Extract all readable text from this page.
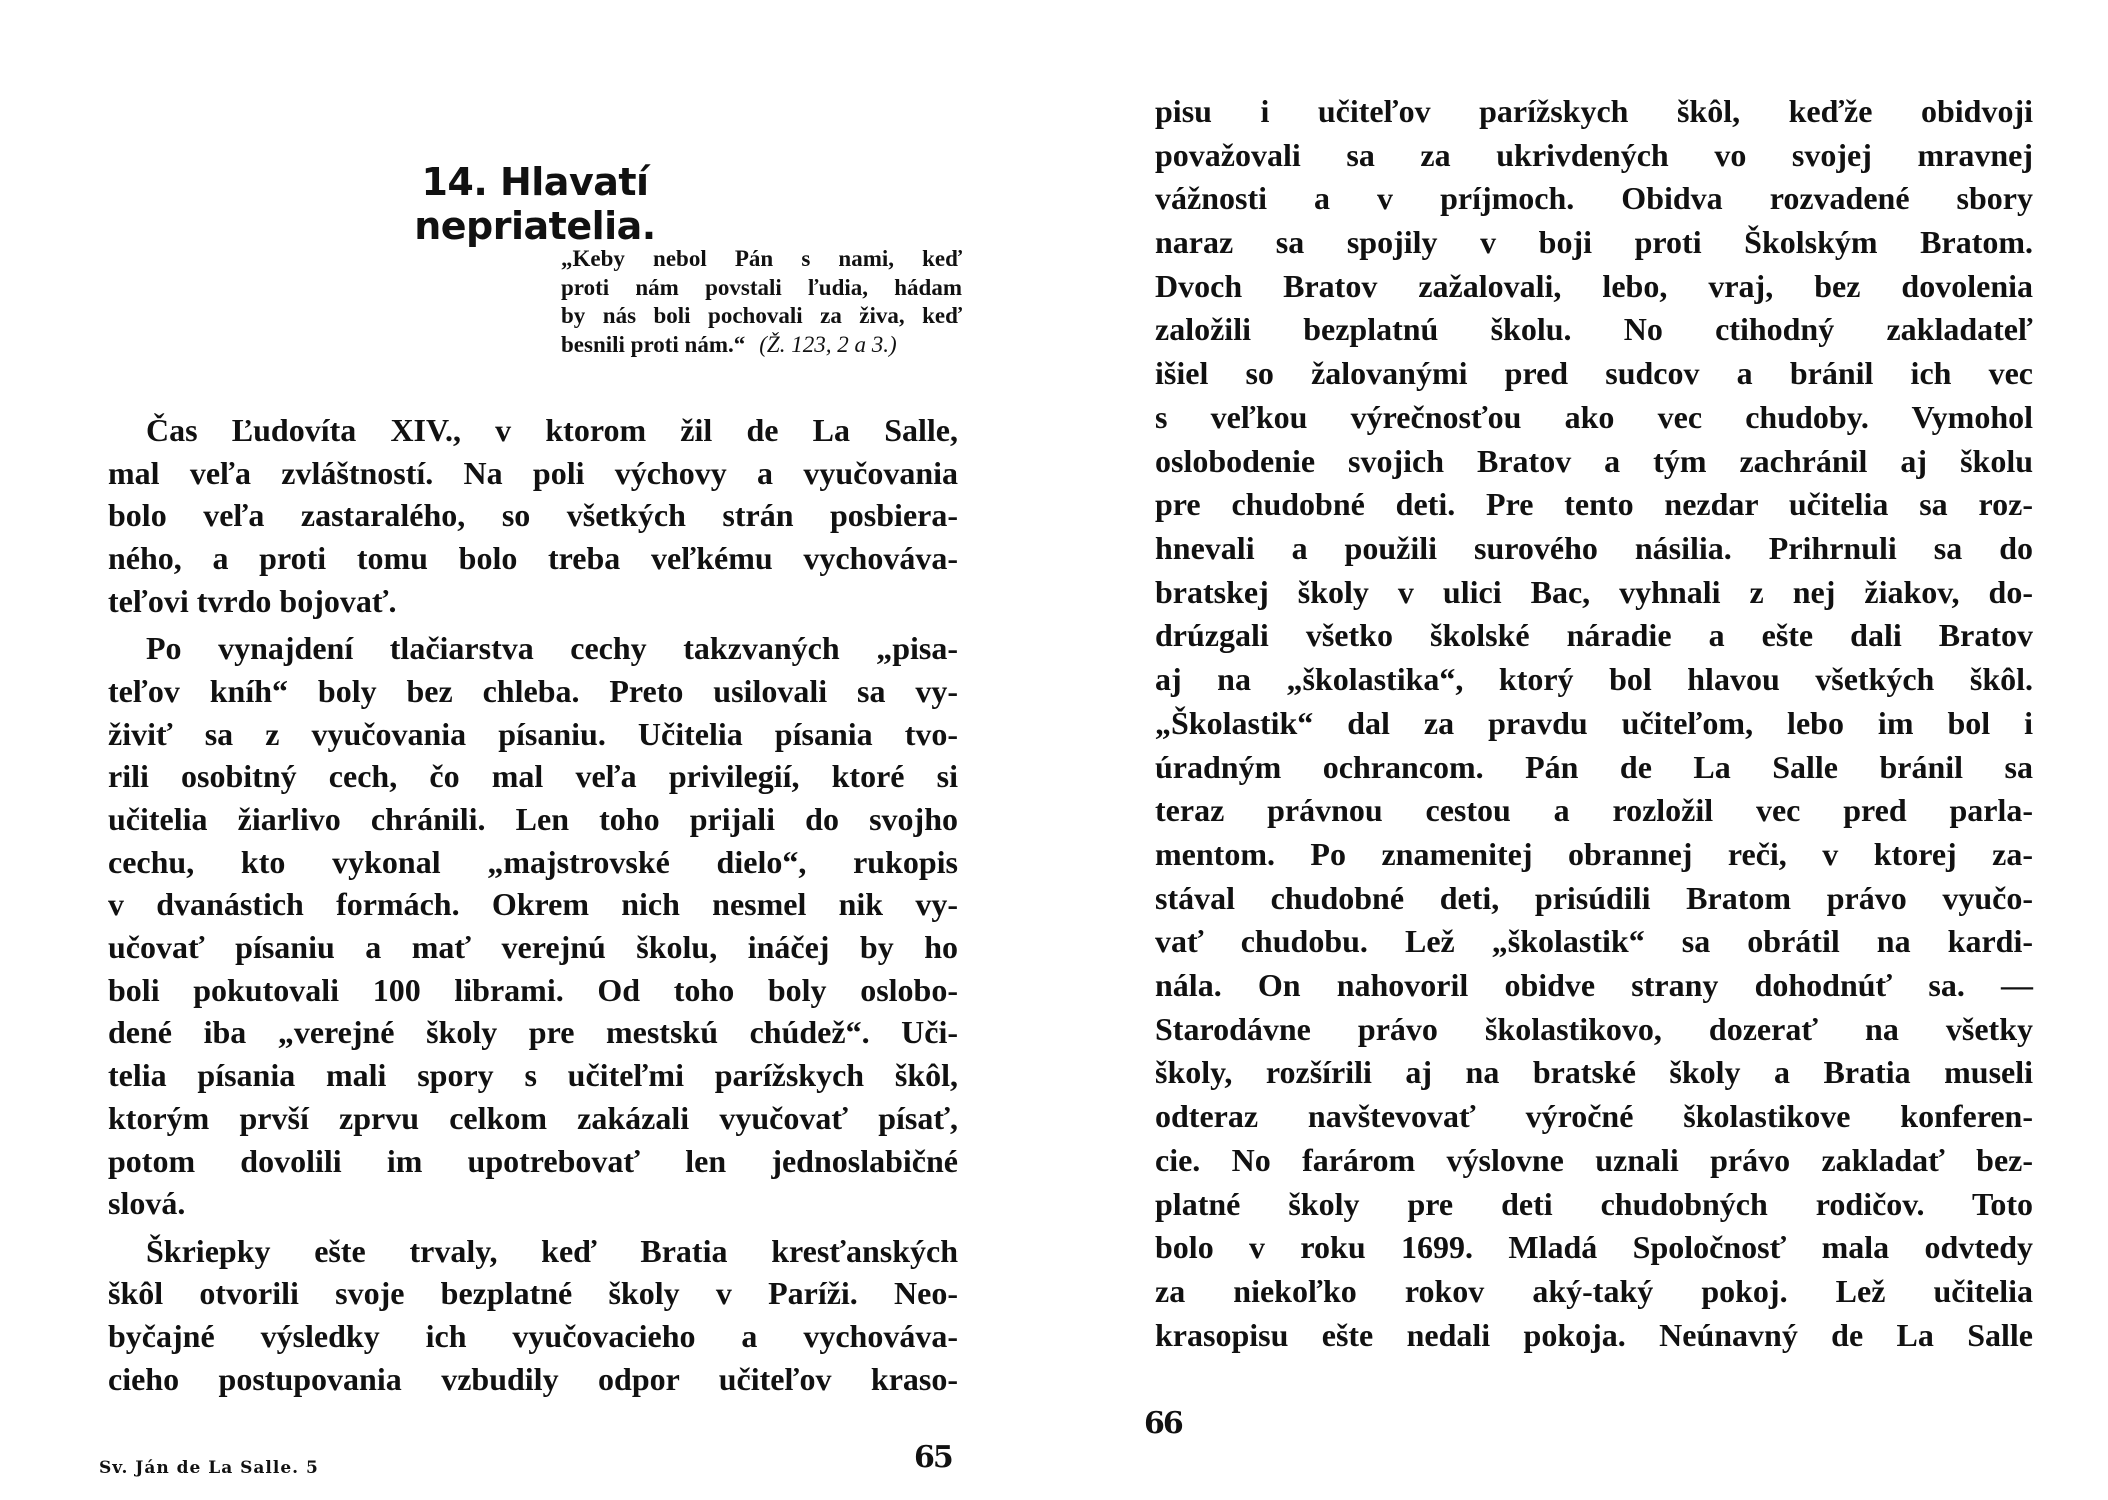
14. Hlavatí nepriatelia.
„Keby nebol Pán s nami, keď
proti nám povstali ľudia, hádam
by nás boli pochovali za živa, keď
besnili proti nám.“ (Ž. 123, 2 a 3.)
Čas Ľudovíta XIV., v ktorom žil de La Salle,
mal veľa zvláštností. Na poli výchovy a vyučovania
bolo veľa zastaralého, so všetkých strán posbiera-
ného, a proti tomu bolo treba veľkému vychováva-
teľovi tvrdo bojovať.
Po vynajdení tlačiarstva cechy takzvaných „pisa-
teľov kníh“ boly bez chleba. Preto usilovali sa vy-
živiť sa z vyučovania písaniu. Učitelia písania tvo-
rili osobitný cech, čo mal veľa privilegií, ktoré si
učitelia žiarlivo chránili. Len toho prijali do svojho
cechu, kto vykonal „majstrovské dielo“, rukopis
v dvanástich formách. Okrem nich nesmel nik vy-
učovať písaniu a mať verejnú školu, ináčej by ho
boli pokutovali 100 librami. Od toho boly oslobo-
dené iba „verejné školy pre mestskú chúdež“. Uči-
telia písania mali spory s učiteľmi parížskych škôl,
ktorým prvší zprvu celkom zakázali vyučovať písať,
potom dovolili im upotrebovať len jednoslabičné
slová.
Škriepky ešte trvaly, keď Bratia kresťanských
škôl otvorili svoje bezplatné školy v Paríži. Neo-
byčajné výsledky ich vyučovacieho a vychováva-
cieho postupovania vzbudily odpor učiteľov kraso-
Sv. Ján de La Salle. 5	65
pisu i učiteľov parížskych škôl, keďže obidvoji
považovali sa za ukrivdených vo svojej mravnej
vážnosti a v príjmoch. Obidva rozvadené sbory
naraz sa spojily v boji proti Školským Bratom.
Dvoch Bratov zažalovali, lebo, vraj, bez dovolenia
založili bezplatnú školu. No ctihodný zakladateľ
išiel so žalovanými pred sudcov a bránil ich vec
s veľkou výrečnosťou ako vec chudoby. Vymohol
oslobodenie svojich Bratov a tým zachránil aj školu
pre chudobné deti. Pre tento nezdar učitelia sa roz-
hnevali a použili surového násilia. Prihrnuli sa do
bratskej školy v ulici Bac, vyhnali z nej žiakov, do-
drúzgali všetko školské náradie a ešte dali Bratov
aj na „školastika“, ktorý bol hlavou všetkých škôl.
„Školastik“ dal za pravdu učiteľom, lebo im bol i
úradným ochrancom. Pán de La Salle bránil sa
teraz právnou cestou a rozložil vec pred parla-
mentom. Po znamenitej obrannej reči, v ktorej za-
stával chudobné deti, prisúdili Bratom právo vyučo-
vať chudobu. Lež „školastik“ sa obrátil na kardi-
nála. On nahovoril obidve strany dohodnúť sa. —
Starodávne právo školastikovo, dozerať na všetky
školy, rozšírili aj na bratské školy a Bratia museli
odteraz navštevovať výročné školastikove konferen-
cie. No farárom výslovne uznali právo zakladať bez-
platné školy pre deti chudobných rodičov. Toto
bolo v roku 1699. Mladá Spoločnosť mala odvtedy
za niekoľko rokov aký-taký pokoj. Lež učitelia
krasopisu ešte nedali pokoja. Neúnavný de La Salle
66
